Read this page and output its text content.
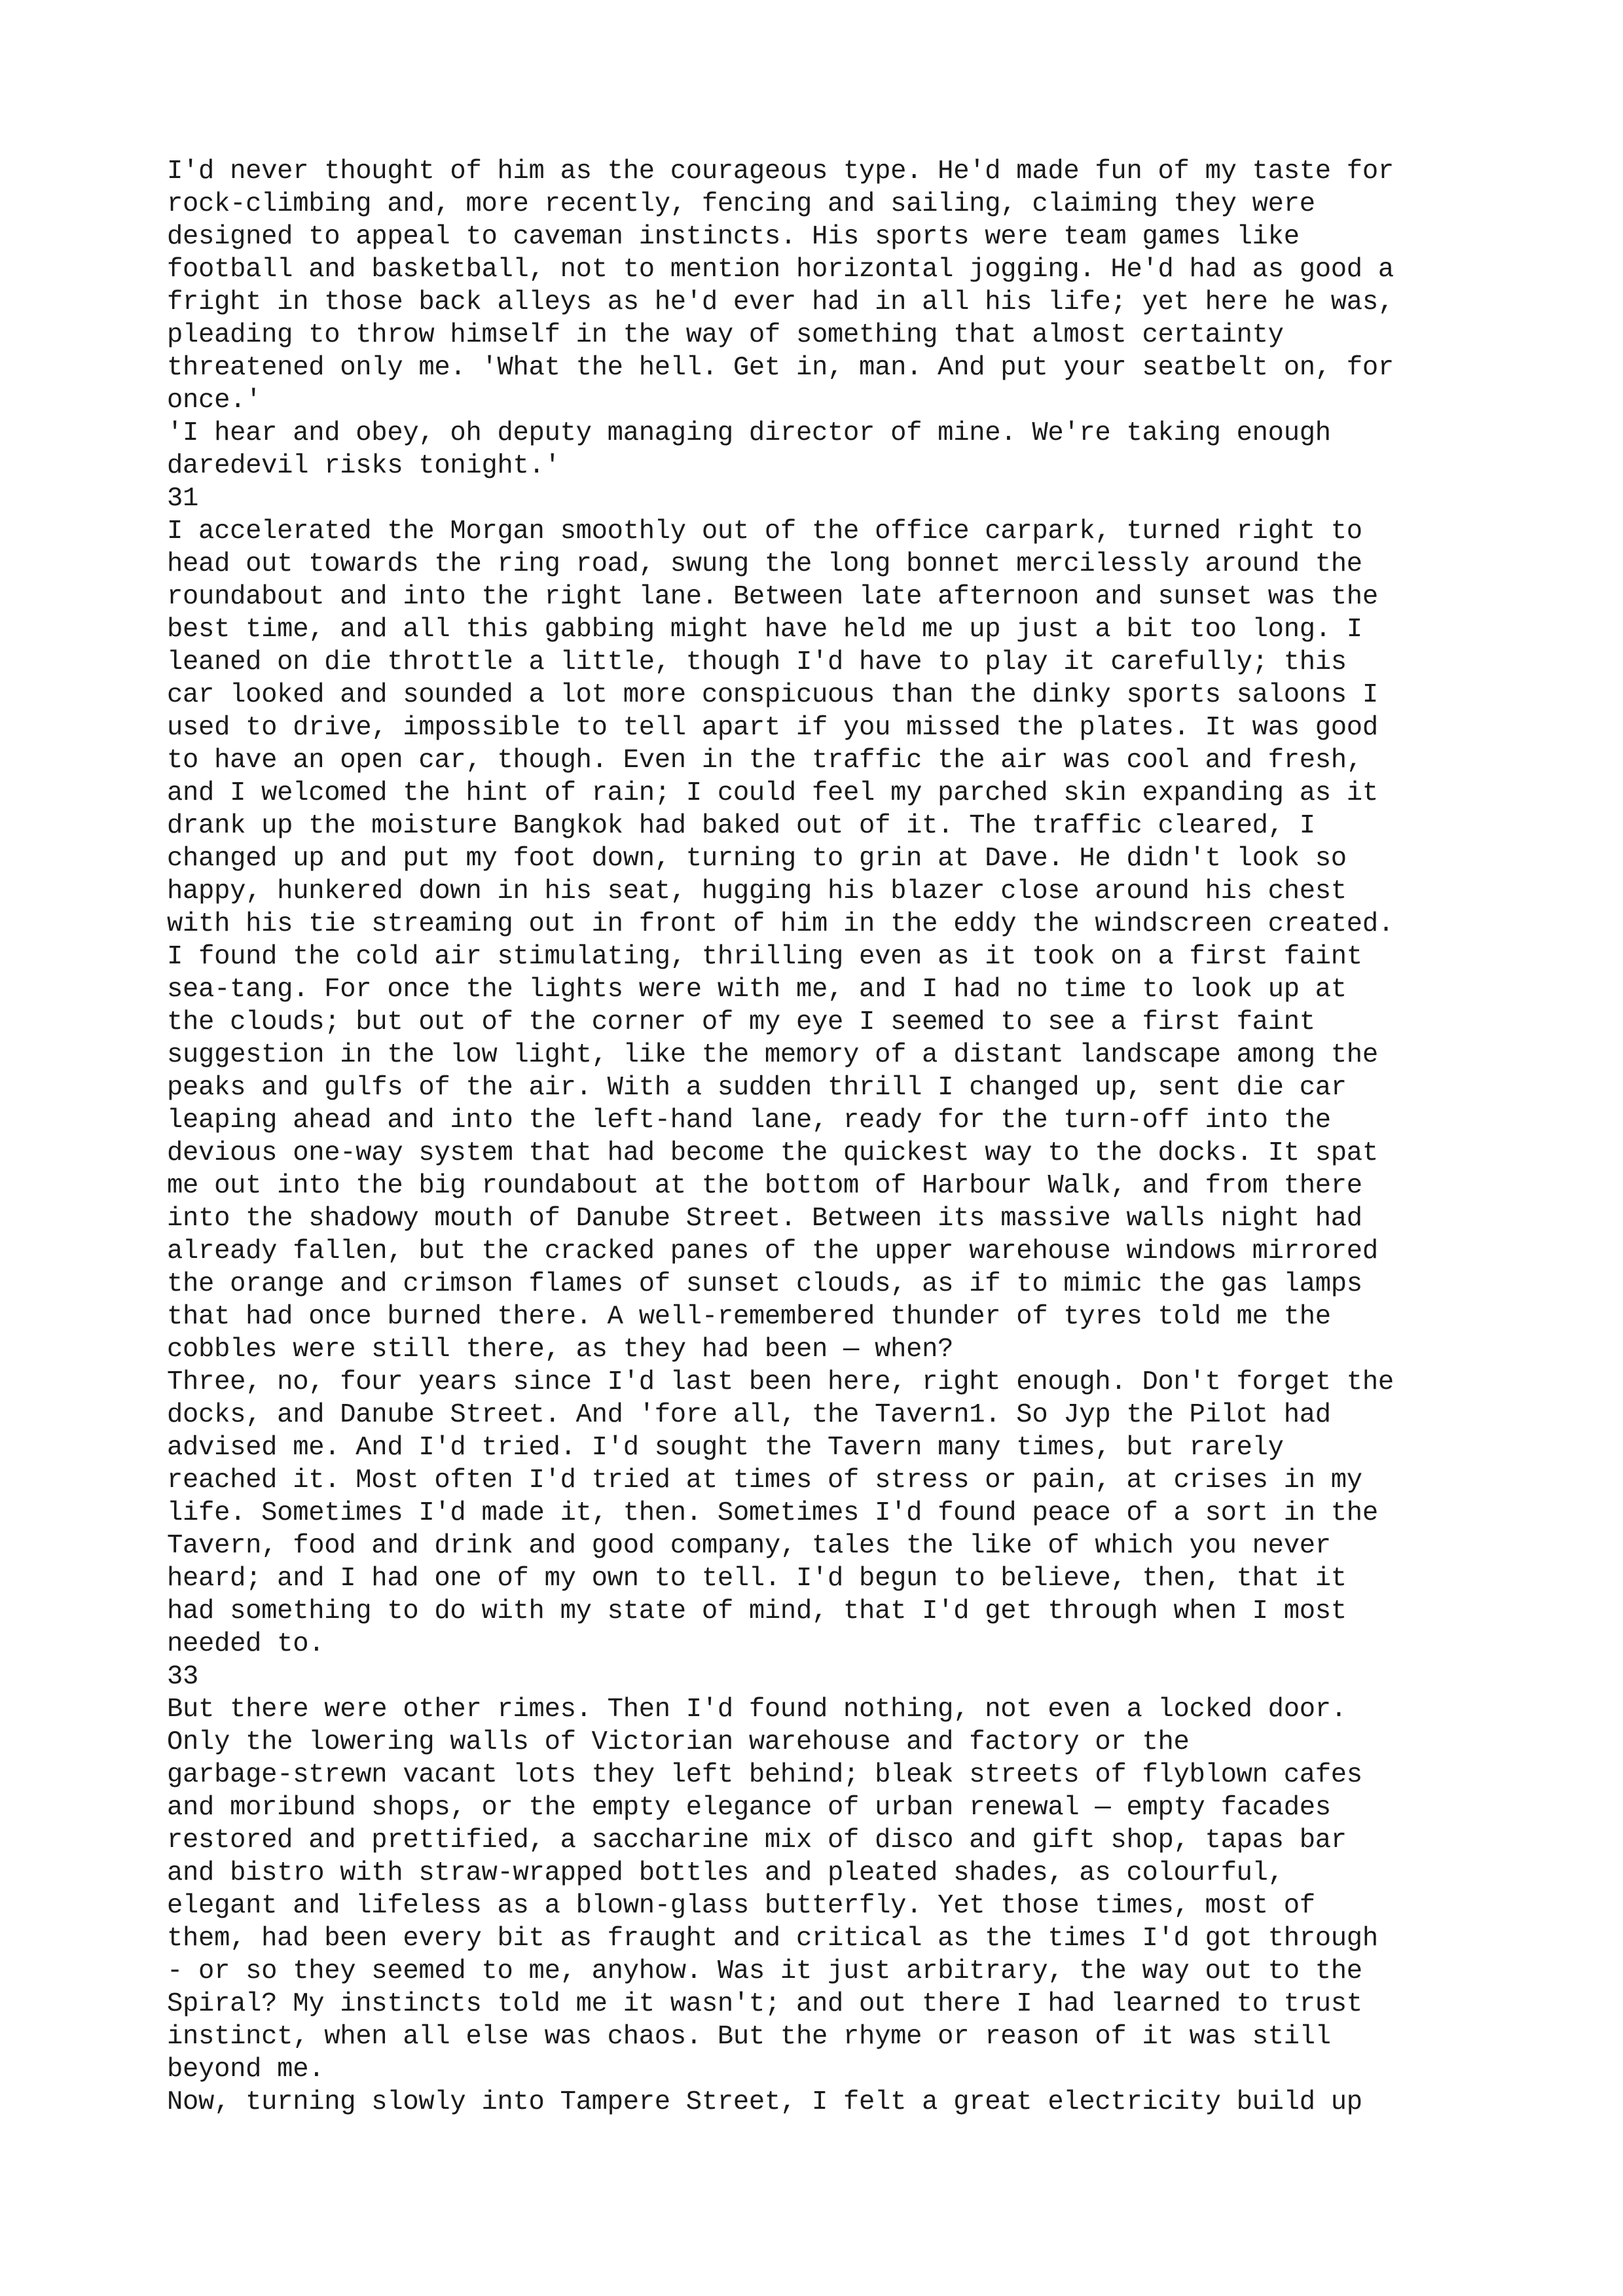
I'd never thought of him as the courageous type. He'd made fun of my taste for
rock-climbing and, more recently, fencing and sailing, claiming they were
designed to appeal to caveman instincts. His sports were team games like
football and basketball, not to mention horizontal jogging. He'd had as good a
fright in those back alleys as he'd ever had in all his life; yet here he was,
pleading to throw himself in the way of something that almost certainty
threatened only me. 'What the hell. Get in, man. And put your seatbelt on, for
once.'
'I hear and obey, oh deputy managing director of mine. We're taking enough
daredevil risks tonight.'
31
I accelerated the Morgan smoothly out of the office carpark, turned right to
head out towards the ring road, swung the long bonnet mercilessly around the
roundabout and into the right lane. Between late afternoon and sunset was the
best time, and all this gabbing might have held me up just a bit too long. I
leaned on die throttle a little, though I'd have to play it carefully; this
car looked and sounded a lot more conspicuous than the dinky sports saloons I
used to drive, impossible to tell apart if you missed the plates. It was good
to have an open car, though. Even in the traffic the air was cool and fresh,
and I welcomed the hint of rain; I could feel my parched skin expanding as it
drank up the moisture Bangkok had baked out of it. The traffic cleared, I
changed up and put my foot down, turning to grin at Dave. He didn't look so
happy, hunkered down in his seat, hugging his blazer close around his chest
with his tie streaming out in front of him in the eddy the windscreen created.
I found the cold air stimulating, thrilling even as it took on a first faint
sea-tang. For once the lights were with me, and I had no time to look up at
the clouds; but out of the corner of my eye I seemed to see a first faint
suggestion in the low light, like the memory of a distant landscape among the
peaks and gulfs of the air. With a sudden thrill I changed up, sent die car
leaping ahead and into the left-hand lane, ready for the turn-off into the
devious one-way system that had become the quickest way to the docks. It spat
me out into the big roundabout at the bottom of Harbour Walk, and from there
into the shadowy mouth of Danube Street. Between its massive walls night had
already fallen, but the cracked panes of the upper warehouse windows mirrored
the orange and crimson flames of sunset clouds, as if to mimic the gas lamps
that had once burned there. A well-remembered thunder of tyres told me the
cobbles were still there, as they had been — when?
Three, no, four years since I'd last been here, right enough. Don't forget the
docks, and Danube Street. And 'fore all, the Tavern1. So Jyp the Pilot had
advised me. And I'd tried. I'd sought the Tavern many times, but rarely
reached it. Most often I'd tried at times of stress or pain, at crises in my
life. Sometimes I'd made it, then. Sometimes I'd found peace of a sort in the
Tavern, food and drink and good company, tales the like of which you never
heard; and I had one of my own to tell. I'd begun to believe, then, that it
had something to do with my state of mind, that I'd get through when I most
needed to.
33
But there were other rimes. Then I'd found nothing, not even a locked door.
Only the lowering walls of Victorian warehouse and factory or the
garbage-strewn vacant lots they left behind; bleak streets of flyblown cafes
and moribund shops, or the empty elegance of urban renewal — empty facades
restored and prettified, a saccharine mix of disco and gift shop, tapas bar
and bistro with straw-wrapped bottles and pleated shades, as colourful,
elegant and lifeless as a blown-glass butterfly. Yet those times, most of
them, had been every bit as fraught and critical as the times I'd got through
- or so they seemed to me, anyhow. Was it just arbitrary, the way out to the
Spiral? My instincts told me it wasn't; and out there I had learned to trust
instinct, when all else was chaos. But the rhyme or reason of it was still
beyond me.
Now, turning slowly into Tampere Street, I felt a great electricity build up
